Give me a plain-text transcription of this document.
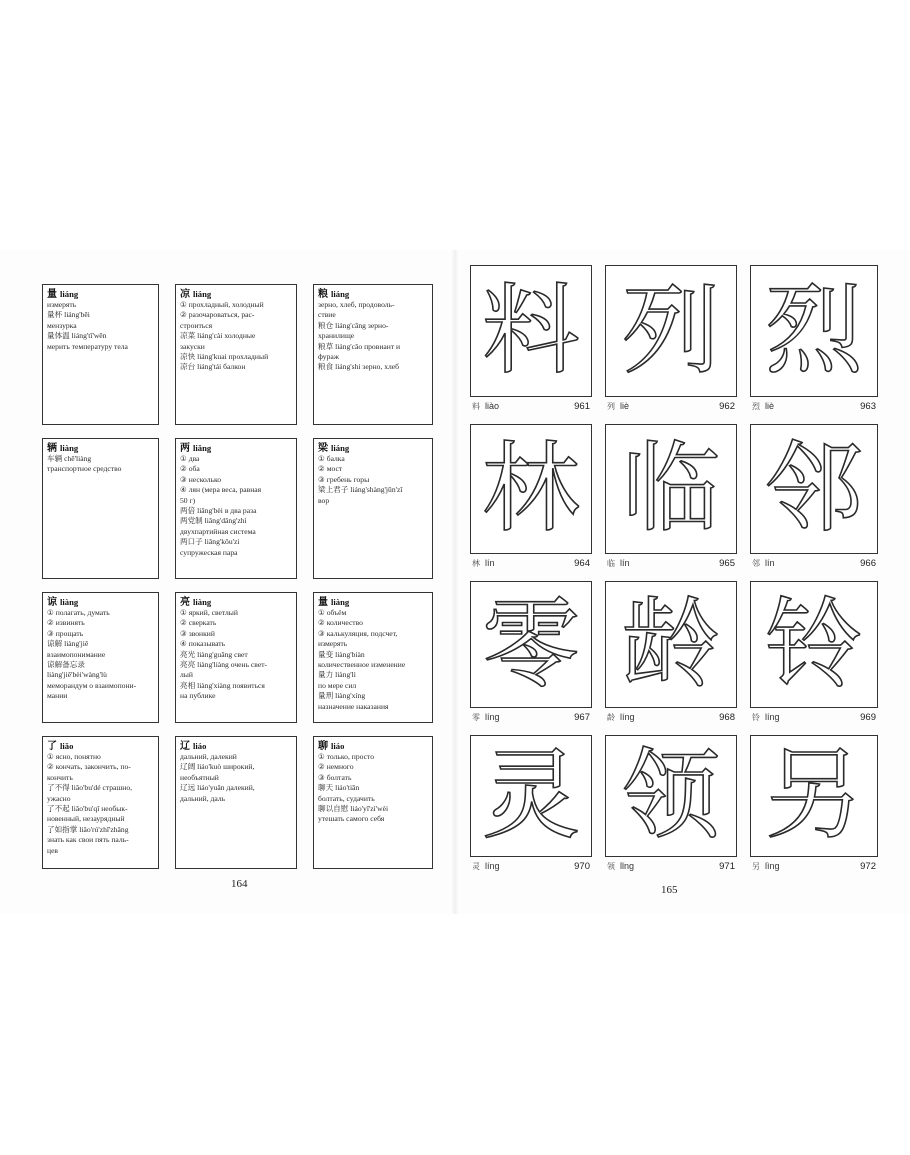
量 liáng
измерять
量杯 liáng'bēi
мензурка
量体温 liáng'tǐ'wēn
мерить температуру тела
凉 liáng
① прохладный, холодный
② разочароваться, рас-
строиться
凉菜 liáng'cài холодные
закуски
凉快 liáng'kuai прохладный
凉台 liáng'tái балкон
粮 liáng
зерно, хлеб, продоволь-
ствие
粮仓 liáng'cāng зерно-
хранилище
粮草 liáng'cǎo провиант и
фураж
粮食 liáng'shi зерно, хлеб
辆 liàng
车辆 chē'liàng
транспортное средство
两 liǎng
① два
② оба
③ несколько
④ лян (мера веса, равная
50 г)
两倍 liǎng'bèi в два раза
两党制 liǎng'dǎng'zhì
двухпартийная система
两口子 liǎng'kǒu'zi
супружеская пара
梁 liáng
① балка
② мост
③ гребень горы
梁上君子 liáng'shàng'jūn'zǐ
вор
谅 liàng
① полагать, думать
② извинять
③ прощать
谅解 liàng'jiě
взаимопонимание
谅解备忘录
liàng'jiě'bèi'wàng'lù
меморандум о взаимопони-
мании
亮 liàng
① яркий, светлый
② сверкать
③ звонкий
④ показывать
亮光 liàng'guāng свет
亮亮 liàng'liàng очень свет-
лый
亮相 liàng'xiàng появиться
на публике
量 liàng
① объём
② количество
③ калькуляция, подсчет,
измерять
量变 liàng'biàn
количественное изменение
量力 liàng'lì
по мере сил
量刑 liàng'xíng
назначение наказания
了 liǎo
① ясно, понятно
② кончать, закончить, по-
кончить
了不得 liǎo'bu'dé страшно,
ужасно
了不起 liǎo'bu'qǐ необык-
новенный, незаурядный
了如指掌 liǎo'rú'zhǐ'zhǎng
знать как свои пять паль-
цев
辽 liáo
дальний, далекий
辽阔 liáo'kuò широкий,
необъятный
辽远 liáo'yuǎn далекий,
дальний, даль
聊 liáo
① только, просто
② немного
③ болтать
聊天 liáo'tiān
болтать, судачить
聊以自慰 liáo'yǐ'zì'wèi
утешать самого себя
164
料
料 liào	961
列
列 liè	962
烈
烈 liè	963
林
林 lín	964
临
临 lín	965
邻
邻 lín	966
零
零 líng	967
龄
龄 líng	968
铃
铃 líng	969
灵
灵 líng	970
领
领 lǐng	971
另
另 lìng	972
165
